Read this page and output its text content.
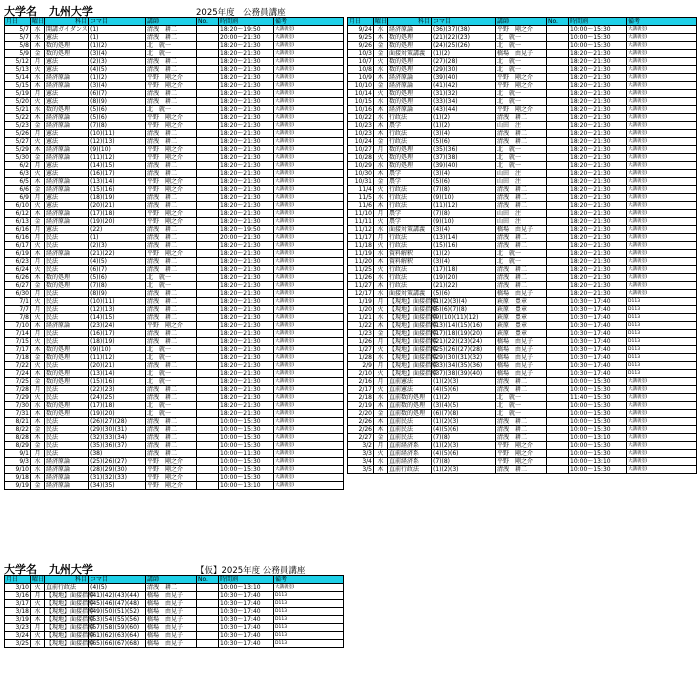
大学名 九州大学	2025年度　公務員講座
月日	曜日	科目	コマ目	講師	No.	時間割	備考
5/7	水	開講ガイダンス	(1)	清洩　耕二		18:20～19:50	大講義室Ⅰ
5/7	水	憲法	(1)	清洩　耕二		20:00～21:30	大講義室Ⅰ
5/8	木	数的処理	(1)(2)	北　就一		18:20～21:30	大講義室Ⅰ
5/9	金	数的処理	(3)(4)	北　就一		18:20～21:30	大講義室Ⅰ
5/12	月	憲法	(2)(3)	清洩　耕二		18:20～21:30	大講義室Ⅰ
5/13	火	憲法	(4)(5)	清洩　耕二		18:20～21:30	大講義室Ⅰ
5/14	水	経済原論	(1)(2)	平野　剛之介		18:20～21:30	大講義室Ⅰ
5/15	木	経済原論	(3)(4)	平野　剛之介		18:20～21:30	大講義室Ⅰ
5/19	月	憲法	(6)(7)	清洩　耕二		18:20～21:30	大講義室Ⅰ
5/20	火	憲法	(8)(9)	清洩　耕二		18:20～21:30	大講義室Ⅰ
5/21	水	数的処理	(5)(6)	北　就一		18:20～21:30	大講義室Ⅰ
5/22	木	経済原論	(5)(6)	平野　剛之介		18:20～21:30	大講義室Ⅰ
5/23	金	経済原論	(7)(8)	平野　剛之介		18:20～21:30	大講義室Ⅰ
5/26	月	憲法	(10)(11)	清洩　耕二		18:20～21:30	大講義室Ⅰ
5/27	火	憲法	(12)(13)	清洩　耕二		18:20～21:30	大講義室Ⅰ
5/29	木	経済原論	(9)(10)	平野　剛之介		18:20～21:30	大講義室Ⅰ
5/30	金	経済原論	(11)(12)	平野　剛之介		18:20～21:30	大講義室Ⅰ
6/2	月	憲法	(14)(15)	清洩　耕二		18:20～21:30	大講義室Ⅰ
6/3	火	憲法	(16)(17)	清洩　耕二		18:20～21:30	大講義室Ⅰ
6/5	木	経済原論	(13)(14)	平野　剛之介		18:20～21:30	大講義室Ⅰ
6/6	金	経済原論	(15)(16)	平野　剛之介		18:20～21:30	大講義室Ⅰ
6/9	月	憲法	(18)(19)	清洩　耕二		18:20～21:30	大講義室Ⅰ
6/10	火	憲法	(20)(21)	清洩　耕二		18:20～21:30	大講義室Ⅰ
6/12	木	経済原論	(17)(18)	平野　剛之介		18:20～21:30	大講義室Ⅰ
6/13	金	経済原論	(19)(20)	平野　剛之介		18:20～21:30	大講義室Ⅰ
6/16	月	憲法	(22)	清洩　耕二		18:20～19:50	大講義室Ⅰ
6/16	月	民法	(1)	清洩　耕二		20:00～21:30	大講義室Ⅰ
6/17	火	民法	(2)(3)	清洩　耕二		18:20～21:30	大講義室Ⅰ
6/19	木	経済原論	(21)(22)	平野　剛之介		18:20～21:30	大講義室Ⅰ
6/23	月	民法	(4)(5)	清洩　耕二		18:20～21:30	大講義室Ⅰ
6/24	火	民法	(6)(7)	清洩　耕二		18:20～21:30	大講義室Ⅰ
6/26	木	数的処理	(5)(6)	北　就一		18:20～21:30	大講義室Ⅰ
6/27	金	数的処理	(7)(8)	北　就一		18:20～21:30	大講義室Ⅰ
6/30	月	民法	(8)(9)	清洩　耕二		18:20～21:30	大講義室Ⅰ
7/1	火	民法	(10)(11)	清洩　耕二		18:20～21:30	大講義室Ⅰ
7/7	月	民法	(12)(13)	清洩　耕二		18:20～21:30	大講義室Ⅰ
7/8	火	民法	(14)(15)	清洩　耕二		18:20～21:30	大講義室Ⅰ
7/10	木	経済原論	(23)(24)	平野　剛之介		18:20～21:30	大講義室Ⅰ
7/14	月	民法	(16)(17)	清洩　耕二		18:20～21:30	大講義室Ⅰ
7/15	火	民法	(18)(19)	清洩　耕二		18:20～21:30	大講義室Ⅰ
7/17	木	数的処理	(9)(10)	北　就一		18:20～21:30	大講義室Ⅰ
7/18	金	数的処理	(11)(12)	北　就一		18:20～21:30	大講義室Ⅰ
7/22	火	民法	(20)(21)	清洩　耕二		18:20～21:30	大講義室Ⅰ
7/24	木	数的処理	(13)(14)	北　就一		18:20～21:30	大講義室Ⅰ
7/25	金	数的処理	(15)(16)	北　就一		18:20～21:30	大講義室Ⅰ
7/28	月	民法	(22)(23)	清洩　耕二		18:20～21:30	大講義室Ⅰ
7/29	火	民法	(24)(25)	清洩　耕二		18:20～21:30	大講義室Ⅰ
7/30	水	数的処理	(17)(18)	北　就一		18:20～21:30	大講義室Ⅰ
7/31	木	数的処理	(19)(20)	北　就一		18:20～21:30	大講義室Ⅰ
8/21	木	民法	(26)(27)(28)	清洩　耕二		10:00～15:30	大講義室Ⅰ
8/22	金	民法	(29)(30)(31)	清洩　耕二		10:00～15:30	大講義室Ⅰ
8/28	木	民法	(32)(33)(34)	清洩　耕二		10:00～15:30	大講義室Ⅰ
8/29	金	民法	(35)(36)(37)	清洩　耕二		10:00～15:30	大講義室Ⅰ
9/1	月	民法	(38)	清洩　耕二		10:00～11:30	大講義室Ⅰ
9/3	水	経済原論	(25)(26)(27)	平野　剛之介		10:00～15:30	大講義室Ⅰ
9/10	水	経済原論	(28)(29)(30)	平野　剛之介		10:00～15:30	大講義室Ⅰ
9/18	木	経済原論	(31)(32)(33)	平野　剛之介		10:00～15:30	大講義室Ⅰ
9/19	金	経済原論	(34)(35)	平野　剛之介		10:00～13:10	大講義室Ⅰ
月日	曜日	科目	コマ目	講師	No.	時間割	備考
9/24	水	経済原論	(36)(37)(38)	平野　剛之介		10:00～15:30	大講義室Ⅰ
9/25	木	数的処理	(21)(22)(23)	北　就一		10:00～15:30	大講義室Ⅰ
9/26	金	数的処理	(24)(25)(26)	北　就一		10:00～15:30	大講義室Ⅰ
10/3	金	面接対策講義	(1)(2)	橋場　由見子		18:20～21:30	大講義室Ⅰ
10/7	火	数的処理	(27)(28)	北　就一		18:20～21:30	大講義室Ⅰ
10/8	水	数的処理	(29)(30)	北　就一		18:20～21:30	大講義室Ⅰ
10/9	木	経済原論	(39)(40)	平野　剛之介		18:20～21:30	大講義室Ⅰ
10/10	金	経済原論	(41)(42)	平野　剛之介		18:20～21:30	大講義室Ⅰ
10/14	火	数的処理	(31)(32)	北　就一		18:20～21:30	大講義室Ⅰ
10/15	水	数的処理	(33)(34)	北　就一		18:20～21:30	大講義室Ⅰ
10/16	木	経済原論	(43)(44)	平野　剛之介		18:20～21:30	大講義室Ⅰ
10/22	水	行政法	(1)(2)	清洩　耕二		18:20～21:30	大講義室Ⅰ
10/23	木	農学	(1)(2)	山田　注		18:20～21:30	大講義室Ⅰ
10/23	木	行政法	(3)(4)	清洩　耕二		18:20～21:30	大講義室Ⅰ
10/24	金	行政法	(5)(6)	清洩　耕二		18:20～21:30	大講義室Ⅰ
10/27	月	数的処理	(35)(36)	北　就一		18:20～21:30	大講義室Ⅰ
10/28	火	数的処理	(37)(38)	北　就一		18:20～21:30	大講義室Ⅰ
10/29	水	数的処理	(39)(40)	北　就一		18:20～21:30	大講義室Ⅰ
10/30	木	農学	(3)(4)	山田　注		18:20～21:30	大講義室Ⅰ
10/31	金	農学	(5)(6)	山田　注		18:20～21:30	大講義室Ⅰ
11/4	火	行政法	(7)(8)	清洩　耕二		18:20～21:30	大講義室Ⅰ
11/5	水	行政法	(9)(10)	清洩　耕二		18:20～21:30	大講義室Ⅰ
11/6	木	行政法	(11)(12)	清洩　耕二		18:20～21:30	大講義室Ⅰ
11/10	月	農学	(7)(8)	山田　注		18:20～21:30	大講義室Ⅰ
11/11	火	農学	(9)(10)	山田　注		18:20～21:30	大講義室Ⅰ
11/12	水	面接対策講義	(3)(4)	橋場　由見子		18:20～21:30	大講義室Ⅰ
11/17	月	行政法	(13)(14)	清洩　耕二		18:20～21:30	大講義室Ⅰ
11/18	火	行政法	(15)(16)	清洩　耕二		18:20～21:30	大講義室Ⅰ
11/19	水	資料解釈	(1)(2)	北　就一		18:20～21:30	大講義室Ⅰ
11/20	木	資料解釈	(3)(4)	北　就一		18:20～21:30	大講義室Ⅰ
11/25	火	行政法	(17)(18)	清洩　耕二		18:20～21:30	大講義室Ⅰ
11/26	水	行政法	(19)(20)	清洩　耕二		18:20～21:30	大講義室Ⅰ
11/27	木	行政法	(21)(22)	清洩　耕二		18:20～21:30	大講義室Ⅰ
12/17	水	面接対策講義	(5)(6)	橋場　由見子		18:20～21:30	大講義室Ⅰ
1/19	月	【現地】面接指導	(1)(2)(3)(4)	萩原　豊章		10:30～17:40	D113
1/20	火	【現地】面接指導	(5)(6)(7)(8)	萩原　豊章		10:30～17:40	D113
1/21	水	【現地】面接指導	(9)(10)(11)(12)	萩原　豊章		10:30～17:40	D113
1/22	木	【現地】面接指導	(13)(14)(15)(16)	萩原　豊章		10:30～17:40	D113
1/23	金	【現地】面接指導	(17)(18)(19)(20)	萩原　豊章		10:30～17:40	D113
1/26	月	【現地】面接指導	(21)(22)(23)(24)	橋場　由見子		10:30～17:40	D113
1/27	火	【現地】面接指導	(25)(26)(27)(28)	橋場　由見子		10:30～17:40	D113
1/28	水	【現地】面接指導	(29)(30)(31)(32)	橋場　由見子		10:30～17:40	D113
2/9	月	【現地】面接指導	(33)(34)(35)(36)	橋場　由見子		10:30～17:40	D113
2/10	火	【現地】面接指導	(37)(38)(39)(40)	橋場　由見子		10:30～17:40	D113
2/16	月	直前憲法	(1)(2)(3)	清洩　耕二		10:00～15:30	大講義室Ⅰ
2/17	火	直前憲法	(4)(5)(6)	清洩　耕二		10:00～15:30	大講義室Ⅰ
2/18	水	直前数的処理	(1)(2)	北　就一		11:40～15:30	大講義室Ⅰ
2/19	木	直前数的処理	(3)(4)(5)	北　就一		10:00～15:30	大講義室Ⅰ
2/20	金	直前数的処理	(6)(7)(8)	北　就一		10:00～15:30	大講義室Ⅰ
2/26	木	直前民法	(1)(2)(3)	清洩　耕二		10:00～15:30	大講義室Ⅰ
2/26	木	直前民法	(4)(5)(6)	清洩　耕二		10:00～15:30	大講義室Ⅰ
2/27	金	直前民法	(7)(8)	清洩　耕二		10:00～13:10	大講義室Ⅰ
3/2	月	直前経済系	(1)(2)(3)	平野　剛之介		10:00～15:30	大講義室Ⅰ
3/3	火	直前経済系	(4)(5)(6)	平野　剛之介		10:00～15:30	大講義室Ⅰ
3/4	水	直前経済系	(7)(8)	平野　剛之介		10:00～13:10	大講義室Ⅰ
3/5	木	直前行政法	(1)(2)(3)	清洩　耕二		10:00～15:30	大講義室Ⅰ
大学名 九州大学	【仮】2025年度 公務員講座
月日	曜日	科目	コマ目	講師	No.	時間割	備考
3/10	火	直前行政法	(4)(5)	清洩　耕二		10:00～13:10	大講義室Ⅰ
3/16	月	【現地】面接指導	(41)(42)(43)(44)	橋場　由見子		10:30～17:40	D113
3/17	火	【現地】面接指導	(45)(46)(47)(48)	橋場　由見子		10:30～17:40	D113
3/18	水	【現地】面接指導	(49)(50)(51)(52)	橋場　由見子		10:30～17:40	D113
3/19	木	【現地】面接指導	(53)(54)(55)(56)	橋場　由見子		10:30～17:40	D113
3/23	月	【現地】面接指導	(57)(58)(59)(60)	橋場　由見子		10:30～17:40	D113
3/24	火	【現地】面接指導	(61)(62)(63)(64)	橋場　由見子		10:30～17:40	D113
3/25	水	【現地】面接指導	(65)(66)(67)(68)	橋場　由見子		10:30～17:40	D113
